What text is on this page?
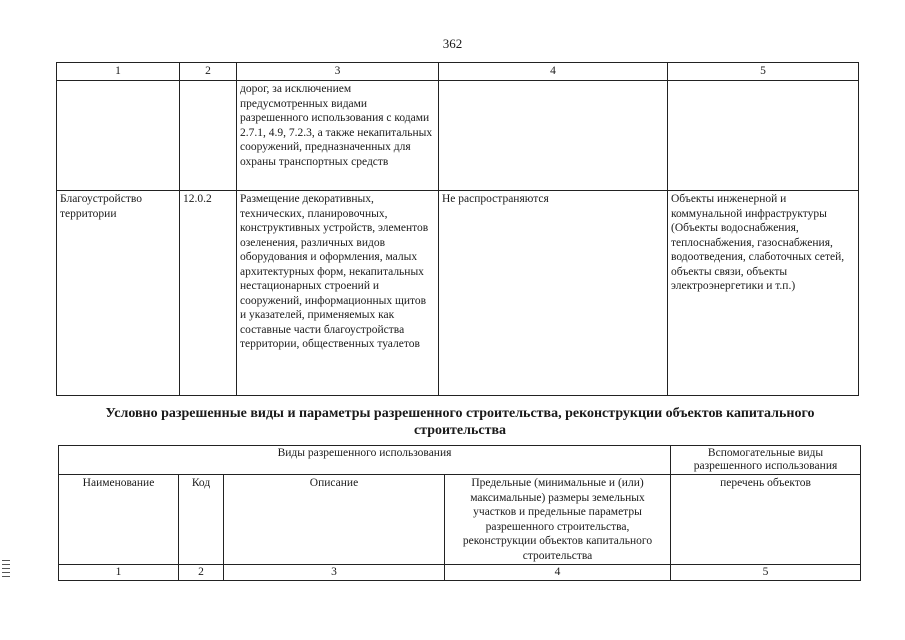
362
1	2	3	4	5
		дорог, за исключением предусмотренных видами разрешенного использования с кодами 2.7.1, 4.9, 7.2.3, а также некапитальных сооружений, предназначенных для охраны транспортных средств		
Благоустройство территории	12.0.2	Размещение декоративных, технических, планировочных, конструктивных устройств, элементов озеленения, различных видов оборудования и оформления, малых архитектурных форм, некапитальных нестационарных строений и сооружений, информационных щитов и указателей, применяемых как составные части благоустройства территории, общественных туалетов	Не распространяются	Объекты инженерной и коммунальной инфраструктуры (Объекты водоснабжения, теплоснабжения, газоснабжения, водоотведения, слаботочных сетей, объекты связи, объекты электроэнергетики и т.п.)
Условно разрешенные виды и параметры разрешенного строительства, реконструкции объектов капитального строительства
Виды разрешенного использования				Вспомогательные виды разрешенного использования
Наименование	Код	Описание	Предельные (минимальные и (или) максимальные) размеры земельных участков и предельные параметры разрешенного строительства, реконструкции объектов капитального строительства	перечень объектов
1	2	3	4	5
